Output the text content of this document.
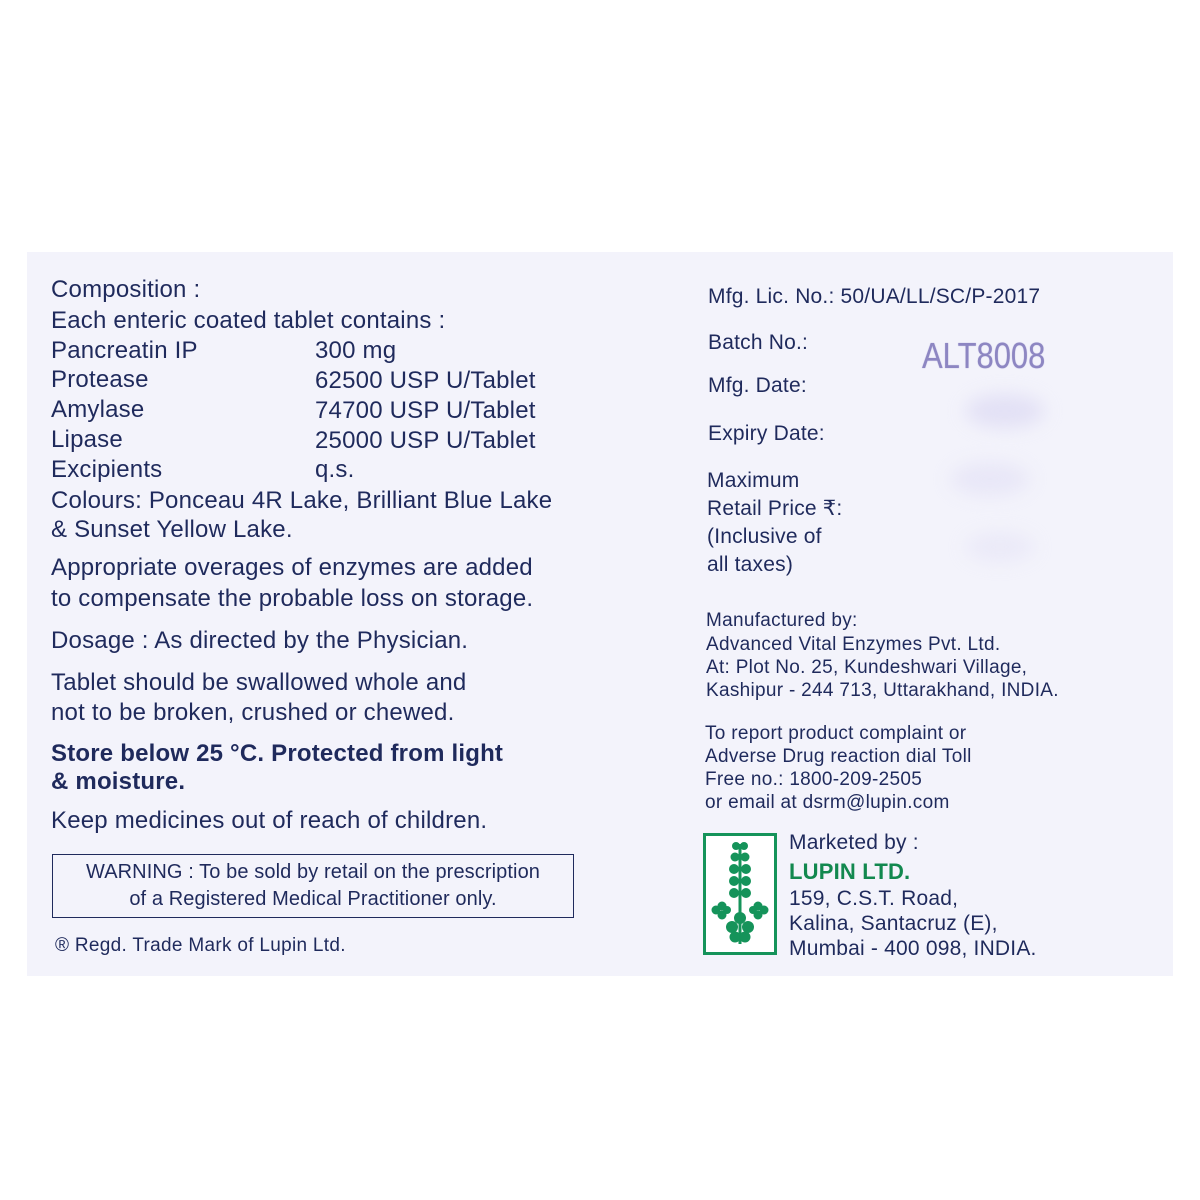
Composition :
Each enteric coated tablet contains :
Pancreatin IP	300 mg
Protease	62500 USP U/Tablet
Amylase	74700 USP U/Tablet
Lipase	25000 USP U/Tablet
Excipients	q.s.
Colours: Ponceau 4R Lake, Brilliant Blue Lake
& Sunset Yellow Lake.
Appropriate overages of enzymes are added
to compensate the probable loss on storage.
Dosage : As directed by the Physician.
Tablet should be swallowed whole and
not to be broken, crushed or chewed.
Store below 25 °C. Protected from light
& moisture.
Keep medicines out of reach of children.
WARNING : To be sold by retail on the prescription
of a Registered Medical Practitioner only.
® Regd. Trade Mark of Lupin Ltd.
Mfg. Lic. No.: 50/UA/LL/SC/P-2017
Batch No.:	ALT8008
Mfg. Date:
Expiry Date:
Maximum
Retail Price ₹:
(Inclusive of
all taxes)
Manufactured by:
Advanced Vital Enzymes Pvt. Ltd.
At: Plot No. 25, Kundeshwari Village,
Kashipur - 244 713, Uttarakhand, INDIA.
To report product complaint or
Adverse Drug reaction dial Toll
Free no.: 1800-209-2505
or email at dsrm@lupin.com
Marketed by :
LUPIN LTD.
159, C.S.T. Road,
Kalina, Santacruz (E),
Mumbai - 400 098, INDIA.
